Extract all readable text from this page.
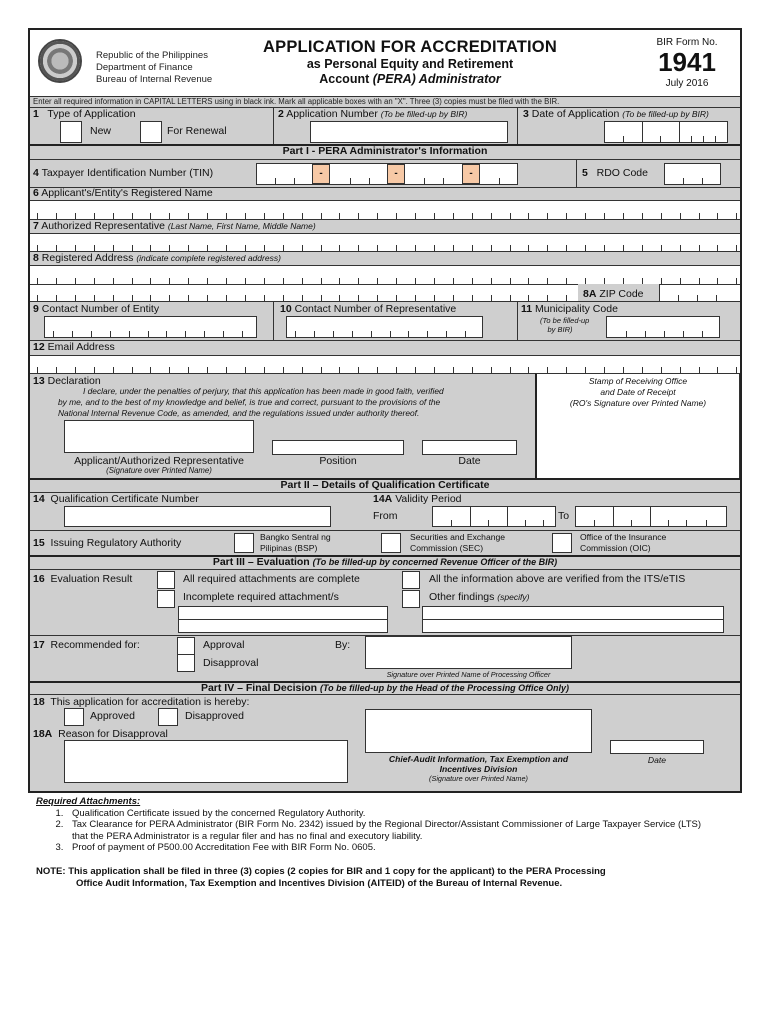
Republic of the Philippines
Department of Finance
Bureau of Internal Revenue
APPLICATION FOR ACCREDITATION
as Personal Equity and Retirement
Account (PERA) Administrator
BIR Form No.
1941
July 2016
Enter all required information in CAPITAL LETTERS using in black ink. Mark all applicable boxes with an "X". Three (3) copies must be filed with the BIR.
1 Type of Application
New	For Renewal
2 Application Number (To be filled-up by BIR)	3 Date of Application (To be filled-up by BIR)
Part I - PERA Administrator's Information
4 Taxpayer Identification Number (TIN)	-	-	-	5 RDO Code
6 Applicant's/Entity's Registered Name
7 Authorized Representative (Last Name, First Name, Middle Name)
8 Registered Address (indicate complete registered address)
8A ZIP Code
9 Contact Number of Entity	10 Contact Number of Representative	11 Municipality Code
(To be filled-up
by BIR)
12 Email Address
13 Declaration
I declare, under the penalties of perjury, that this application has been made in good faith, verified
by me, and to the best of my knowledge and belief, is true and correct, pursuant to the provisions of the
National Internal Revenue Code, as amended, and the regulations issued under authority thereof.
Applicant/Authorized Representative
(Signature over Printed Name)
Position	Date
Stamp of Receiving Office
and Date of Receipt
(RO's Signature over Printed Name)
Part II – Details of Qualification Certificate
14 Qualification Certificate Number	14A Validity Period
From	To
15 Issuing Regulatory Authority	Bangko Sentral ng
Pilipinas (BSP)
Securities and Exchange
Commission (SEC)
Office of the Insurance
Commission (OIC)
Part III – Evaluation (To be filled-up by concerned Revenue Officer of the BIR)
16 Evaluation Result	All required attachments are complete
Incomplete required attachment/s
All the information above are verified from the ITS/eTIS
Other findings (specify)
17 Recommended for:	Approval
Disapproval
By:
Signature over Printed Name of Processing Officer
Part IV – Final Decision (To be filled-up by the Head of the Processing Office Only)
18 This application for accreditation is hereby:
Approved	Disapproved
18A Reason for Disapproval
Chief-Audit Information, Tax Exemption and
Incentives Division
(Signature over Printed Name)
Date
Required Attachments:
1. Qualification Certificate issued by the concerned Regulatory Authority.
2. Tax Clearance for PERA Administrator (BIR Form No. 2342) issued by the Regional Director/Assistant Commissioner of Large Taxpayer Service (LTS) that the PERA Administrator is a regular filer and has no final and executory liability.
3. Proof of payment of P500.00 Accreditation Fee with BIR Form No. 0605.
NOTE: This application shall be filed in three (3) copies (2 copies for BIR and 1 copy for the applicant) to the PERA Processing
Office Audit Information, Tax Exemption and Incentives Division (AITEID) of the Bureau of Internal Revenue.
